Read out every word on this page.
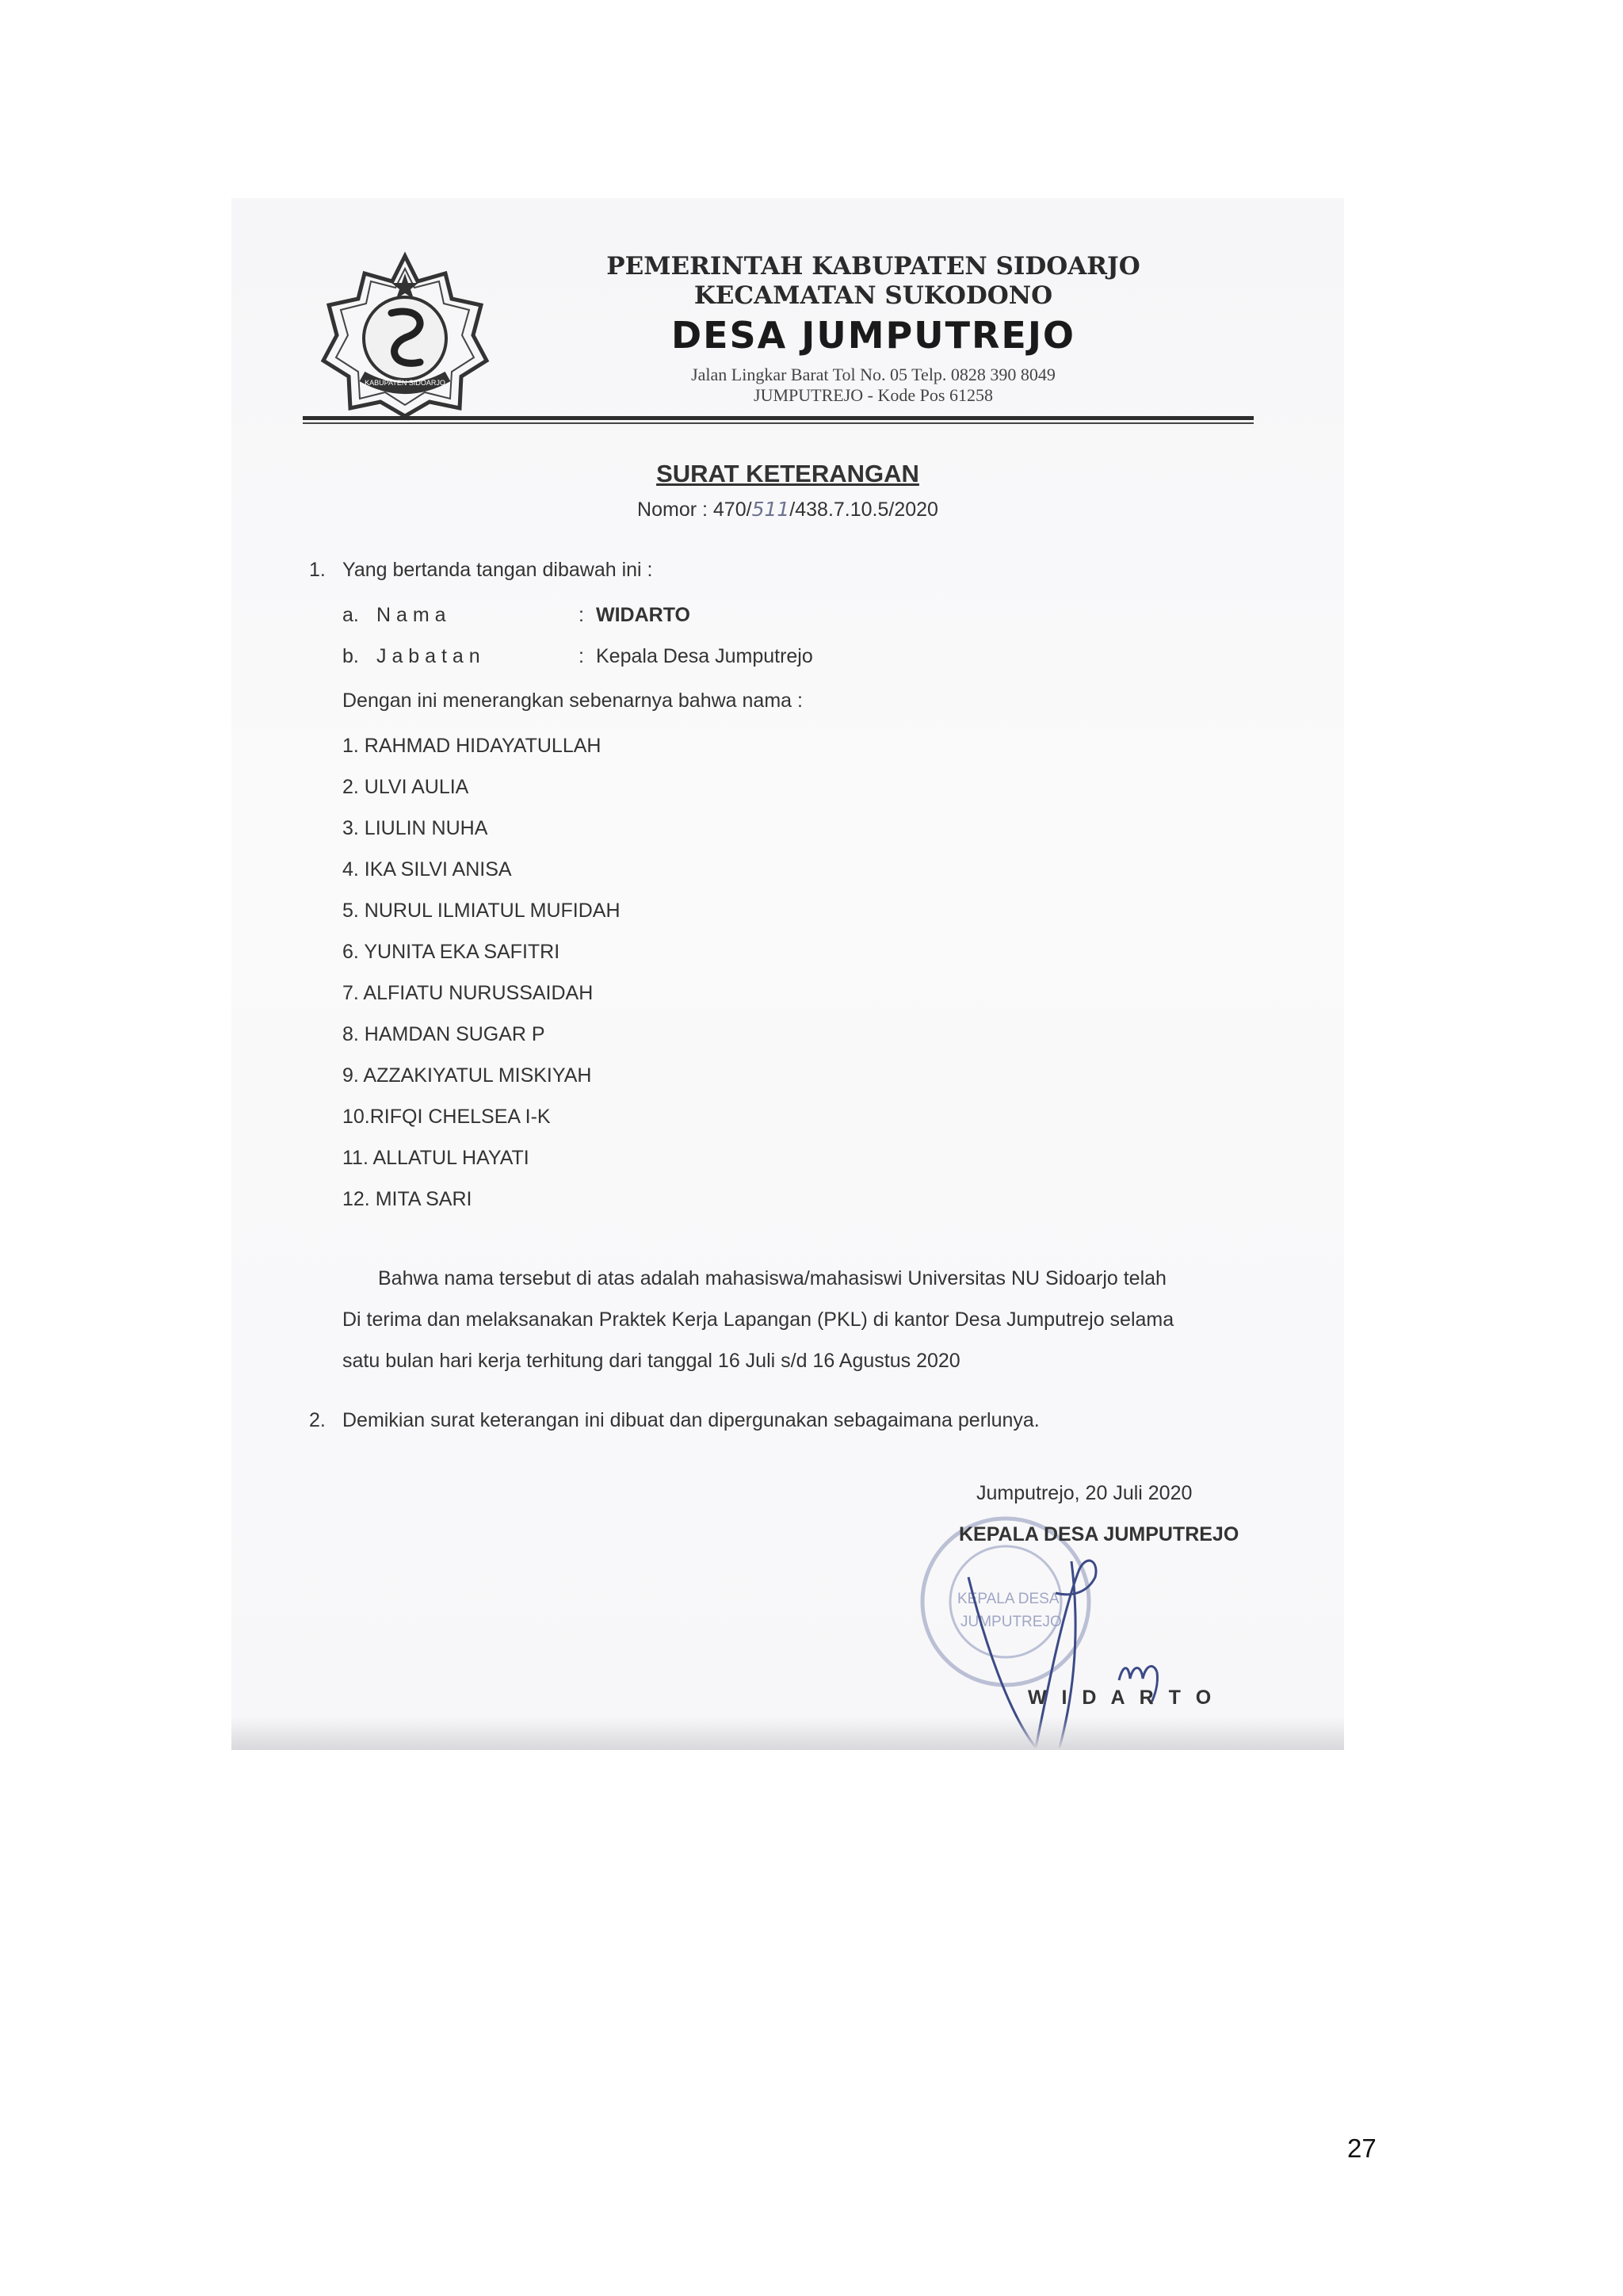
KABUPATEN SIDOARJO
PEMERINTAH KABUPATEN SIDOARJO
KECAMATAN SUKODONO
DESA JUMPUTREJO
Jalan Lingkar Barat Tol No. 05 Telp. 0828 390 8049
JUMPUTREJO - Kode Pos 61258
SURAT KETERANGAN
Nomor : 470/511/438.7.10.5/2020
1. Yang bertanda tangan dibawah ini :
a. N a m a	: WIDARTO
b. J a b a t a n	: Kepala Desa Jumputrejo
Dengan ini menerangkan sebenarnya bahwa nama :
1. RAHMAD HIDAYATULLAH
2. ULVI AULIA
3. LIULIN NUHA
4. IKA SILVI ANISA
5. NURUL ILMIATUL MUFIDAH
6. YUNITA EKA SAFITRI
7. ALFIATU NURUSSAIDAH
8. HAMDAN SUGAR P
9. AZZAKIYATUL MISKIYAH
10.RIFQI CHELSEA I-K
11. ALLATUL HAYATI
12. MITA SARI
Bahwa nama tersebut di atas adalah mahasiswa/mahasiswi Universitas NU Sidoarjo telah
Di terima dan melaksanakan Praktek Kerja Lapangan (PKL) di kantor Desa Jumputrejo selama
satu bulan hari kerja terhitung dari tanggal 16 Juli s/d 16 Agustus 2020
2. Demikian surat keterangan ini dibuat dan dipergunakan sebagaimana perlunya.
Jumputrejo, 20 Juli 2020
KEPALA DESA
JUMPUTREJO
KEPALA DESA JUMPUTREJO
W I D A R T O
27
